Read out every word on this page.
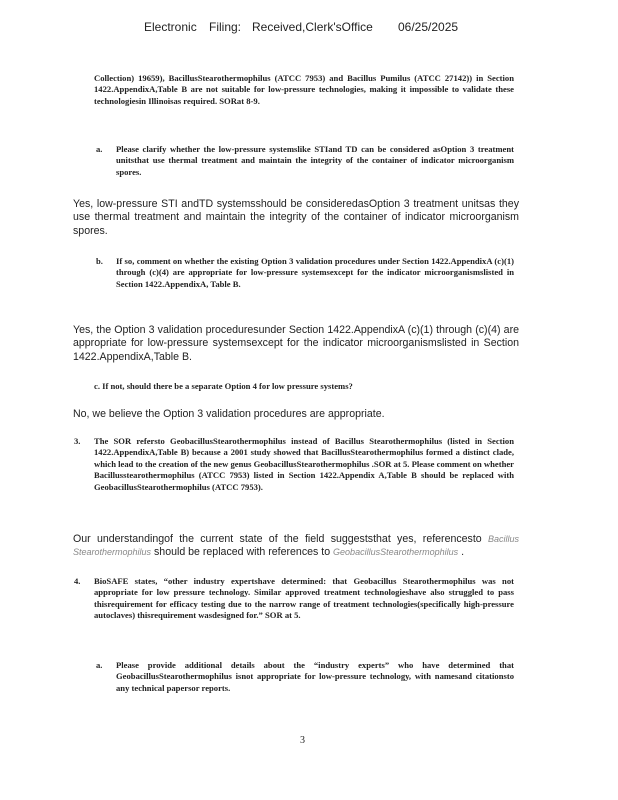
Electronic Filing: Received,Clerk'sOffice 06/25/2025
Collection) 19659), BacillusStearothermophilus (ATCC 7953) and Bacillus Pumilus (ATCC 27142)) in Section 1422.AppendixA,Table B are not suitable for low-pressure technologies, making it impossible to validate these technologiesin Illinoisas required. SORat 8-9.
a. Please clarify whether the low-pressure systemslike STIand TD can be considered asOption 3 treatment unitsthat use thermal treatment and maintain the integrity of the container of indicator microorganism spores.
Yes, low-pressure STI andTD systemsshould be consideredasOption 3 treatment unitsas they use thermal treatment and maintain the integrity of the container of indicator microorganism spores.
b. If so, comment on whether the existing Option 3 validation procedures under Section 1422.AppendixA (c)(1) through (c)(4) are appropriate for low-pressure systemsexcept for the indicator microorganismslisted in Section 1422.AppendixA, Table B.
Yes, the Option 3 validation proceduresunder Section 1422.AppendixA (c)(1) through (c)(4) are appropriate for low-pressure systemsexcept for the indicator microorganismslisted in Section 1422.AppendixA,Table B.
c. If not, should there be a separate Option 4 for low pressure systems?
No, we believe the Option 3 validation procedures are appropriate.
3. The SOR refersto GeobacillusStearothermophilus instead of Bacillus Stearothermophilus (listed in Section 1422.AppendixA,Table B) because a 2001 study showed that BacillusStearothermophilus formed a distinct clade, which lead to the creation of the new genus GeobacillusStearothermophilus .SOR at 5. Please comment on whether Bacillusstearothermophilus (ATCC 7953) listed in Section 1422.Appendix A,Table B should be replaced with GeobacillusStearothermophilus (ATCC 7953).
Our understandingof the current state of the field suggeststhat yes, referencesto Bacillus Stearothermophilus should be replaced with references to GeobacillusStearothermophilus .
4. BioSAFE states, “other industry expertshave determined: that Geobacillus Stearothermophilus was not appropriate for low pressure technology. Similar approved treatment technologieshave also struggled to pass thisrequirement for efficacy testing due to the narrow range of treatment technologies(specifically high-pressure autoclaves) thisrequirement wasdesigned for.” SOR at 5.
a. Please provide additional details about the “industry experts” who have determined that GeobacillusStearothermophilus isnot appropriate for low-pressure technology, with namesand citationsto any technical papersor reports.
3
